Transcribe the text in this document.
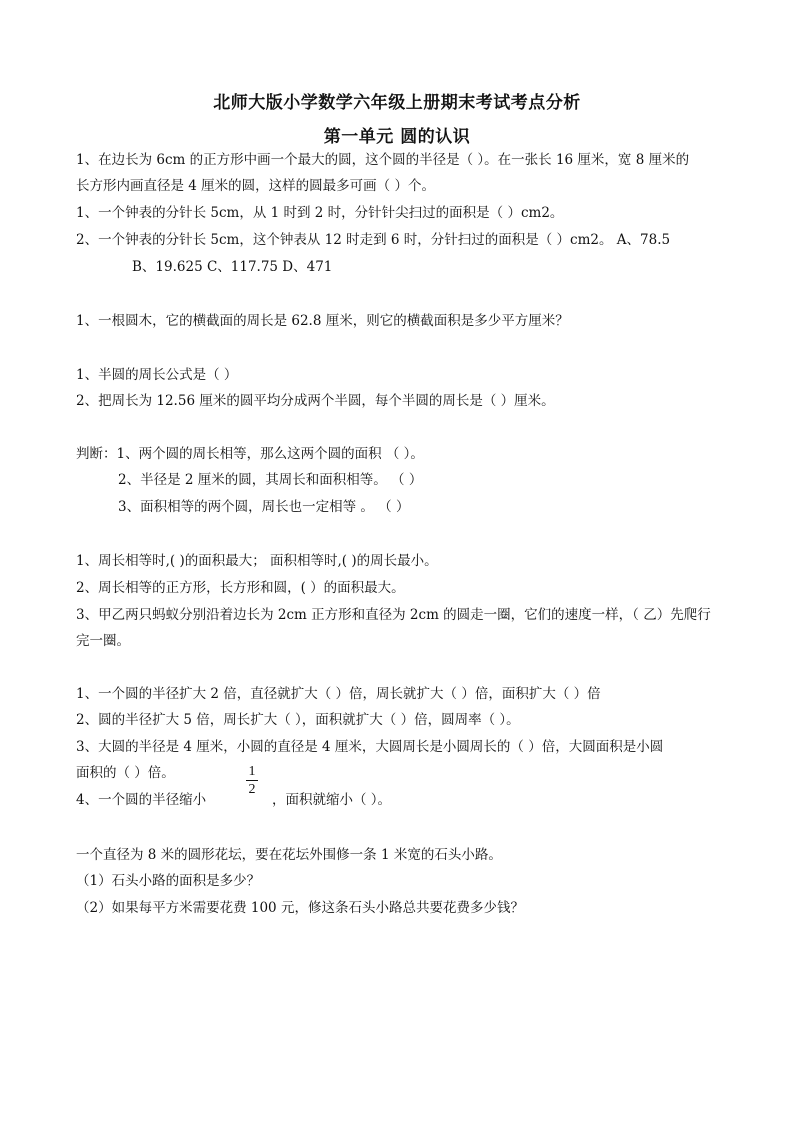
北师大版小学数学六年级上册期末考试考点分析
第一单元 圆的认识
1、在边长为 6cm 的正方形中画一个最大的圆，这个圆的半径是（ ）。在一张长 16 厘米，宽 8 厘米的
长方形内画直径是 4 厘米的圆，这样的圆最多可画（ ）个。
1、一个钟表的分针长 5cm，从 1 时到 2 时，分针针尖扫过的面积是（ ）cm2。
2、一个钟表的分针长 5cm，这个钟表从 12 时走到 6 时，分针扫过的面积是（ ）cm2。 A、78.5
B、19.625 C、117.75 D、471
1、一根圆木，它的横截面的周长是 62.8 厘米，则它的横截面积是多少平方厘米？
1、半圆的周长公式是（ ）
2、把周长为 12.56 厘米的圆平均分成两个半圆，每个半圆的周长是（ ）厘米。
判断：1、两个圆的周长相等，那么这两个圆的面积 （ ）。
2、半径是 2 厘米的圆，其周长和面积相等。 （ ）
3、面积相等的两个圆，周长也一定相等 。 （ ）
1、周长相等时,( )的面积最大； 面积相等时,( )的周长最小。
2、周长相等的正方形，长方形和圆，( ）的面积最大。
3、甲乙两只蚂蚁分别沿着边长为 2cm 正方形和直径为 2cm 的圆走一圈，它们的速度一样，（ 乙）先爬行
完一圈。
1、一个圆的半径扩大 2 倍，直径就扩大（ ）倍，周长就扩大（ ）倍，面积扩大（ ）倍
2、圆的半径扩大 5 倍，周长扩大（ ），面积就扩大（ ）倍，圆周率（ ）。
3、大圆的半径是 4 厘米，小圆的直径是 4 厘米，大圆周长是小圆周长的（ ）倍，大圆面积是小圆
面积的（ ）倍。
4、一个圆的半径缩小
1
2
，面积就缩小（ ）。
一个直径为 8 米的圆形花坛，要在花坛外围修一条 1 米宽的石头小路。
（1）石头小路的面积是多少？
（2）如果每平方米需要花费 100 元，修这条石头小路总共要花费多少钱？
